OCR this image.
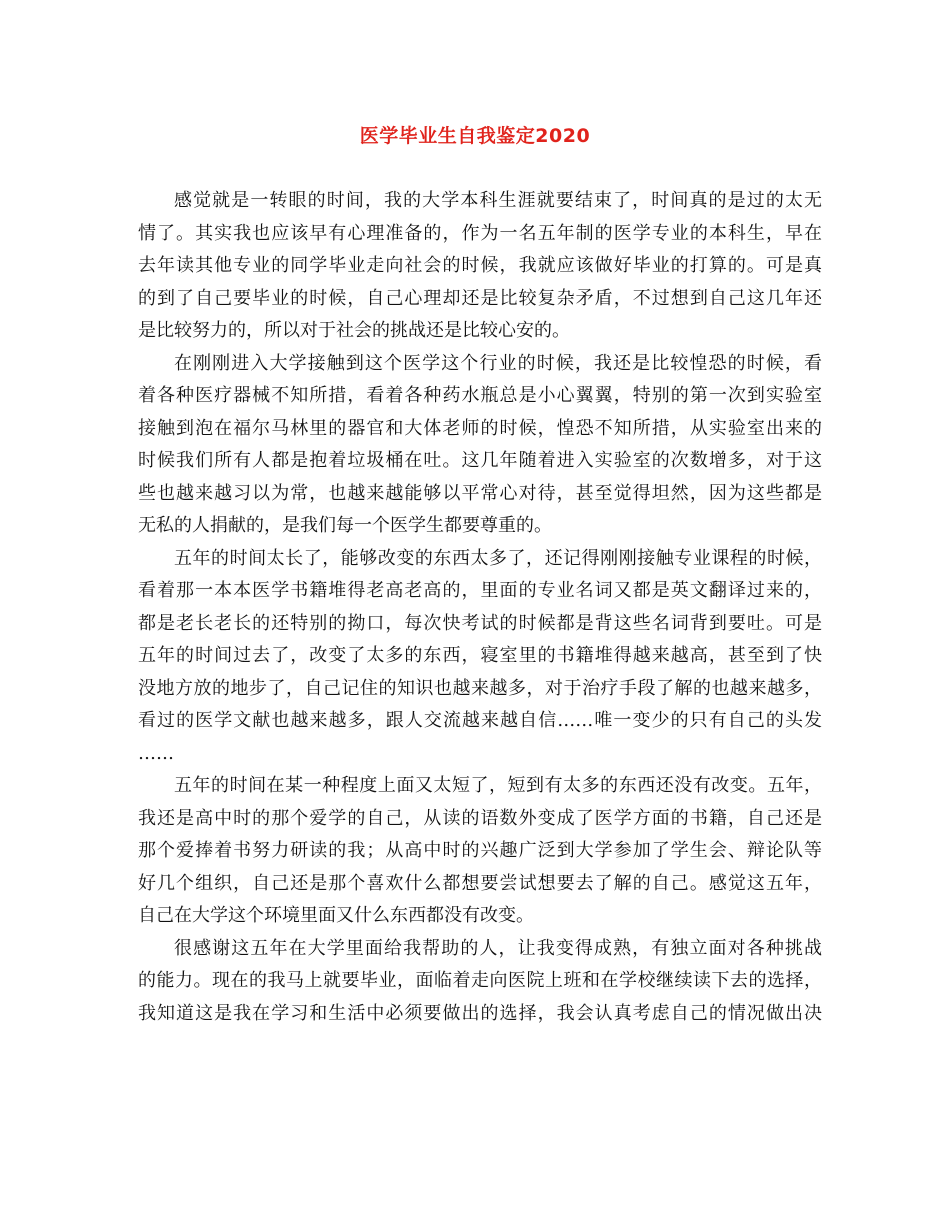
医学毕业生自我鉴定2020
感觉就是一转眼的时间，我的大学本科生涯就要结束了，时间真的是过的太无
情了。其实我也应该早有心理准备的，作为一名五年制的医学专业的本科生，早在
去年读其他专业的同学毕业走向社会的时候，我就应该做好毕业的打算的。可是真
的到了自己要毕业的时候，自己心理却还是比较复杂矛盾，不过想到自己这几年还
是比较努力的，所以对于社会的挑战还是比较心安的。
在刚刚进入大学接触到这个医学这个行业的时候，我还是比较惶恐的时候，看
着各种医疗器械不知所措，看着各种药水瓶总是小心翼翼，特别的第一次到实验室
接触到泡在福尔马林里的器官和大体老师的时候，惶恐不知所措，从实验室出来的
时候我们所有人都是抱着垃圾桶在吐。这几年随着进入实验室的次数增多，对于这
些也越来越习以为常，也越来越能够以平常心对待，甚至觉得坦然，因为这些都是
无私的人捐献的，是我们每一个医学生都要尊重的。
五年的时间太长了，能够改变的东西太多了，还记得刚刚接触专业课程的时候，
看着那一本本医学书籍堆得老高老高的，里面的专业名词又都是英文翻译过来的，
都是老长老长的还特别的拗口，每次快考试的时候都是背这些名词背到要吐。可是
五年的时间过去了，改变了太多的东西，寝室里的书籍堆得越来越高，甚至到了快
没地方放的地步了，自己记住的知识也越来越多，对于治疗手段了解的也越来越多，
看过的医学文献也越来越多，跟人交流越来越自信……唯一变少的只有自己的头发
……
五年的时间在某一种程度上面又太短了，短到有太多的东西还没有改变。五年，
我还是高中时的那个爱学的自己，从读的语数外变成了医学方面的书籍，自己还是
那个爱捧着书努力研读的我；从高中时的兴趣广泛到大学参加了学生会、辩论队等
好几个组织，自己还是那个喜欢什么都想要尝试想要去了解的自己。感觉这五年，
自己在大学这个环境里面又什么东西都没有改变。
很感谢这五年在大学里面给我帮助的人，让我变得成熟，有独立面对各种挑战
的能力。现在的我马上就要毕业，面临着走向医院上班和在学校继续读下去的选择，
我知道这是我在学习和生活中必须要做出的选择，我会认真考虑自己的情况做出决
